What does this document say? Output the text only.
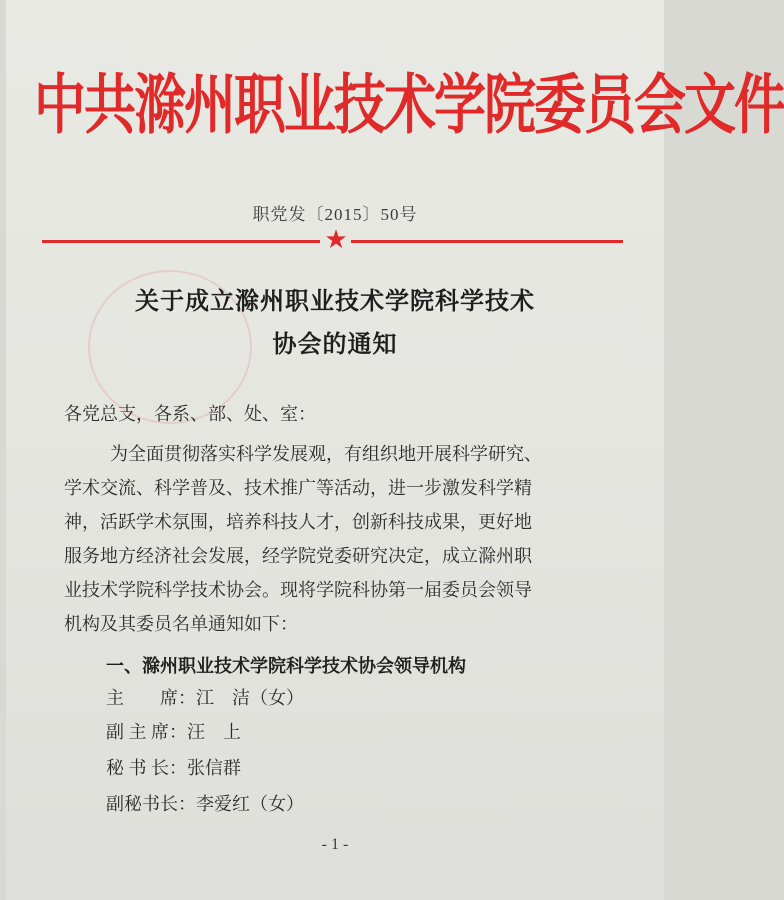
中共滁州职业技术学院委员会文件
职党发〔2015〕50号
★
关于成立滁州职业技术学院科学技术
协会的通知
各党总支，各系、部、处、室：
为全面贯彻落实科学发展观，有组织地开展科学研究、
学术交流、科学普及、技术推广等活动，进一步激发科学精
神，活跃学术氛围，培养科技人才，创新科技成果，更好地
服务地方经济社会发展，经学院党委研究决定，成立滁州职
业技术学院科学技术协会。现将学院科协第一届委员会领导
机构及其委员名单通知如下：
一、滁州职业技术学院科学技术协会领导机构
主　　席：江　洁（女）
副 主 席：汪　上
秘 书 长：张信群
副秘书长：李爱红（女）
- 1 -
